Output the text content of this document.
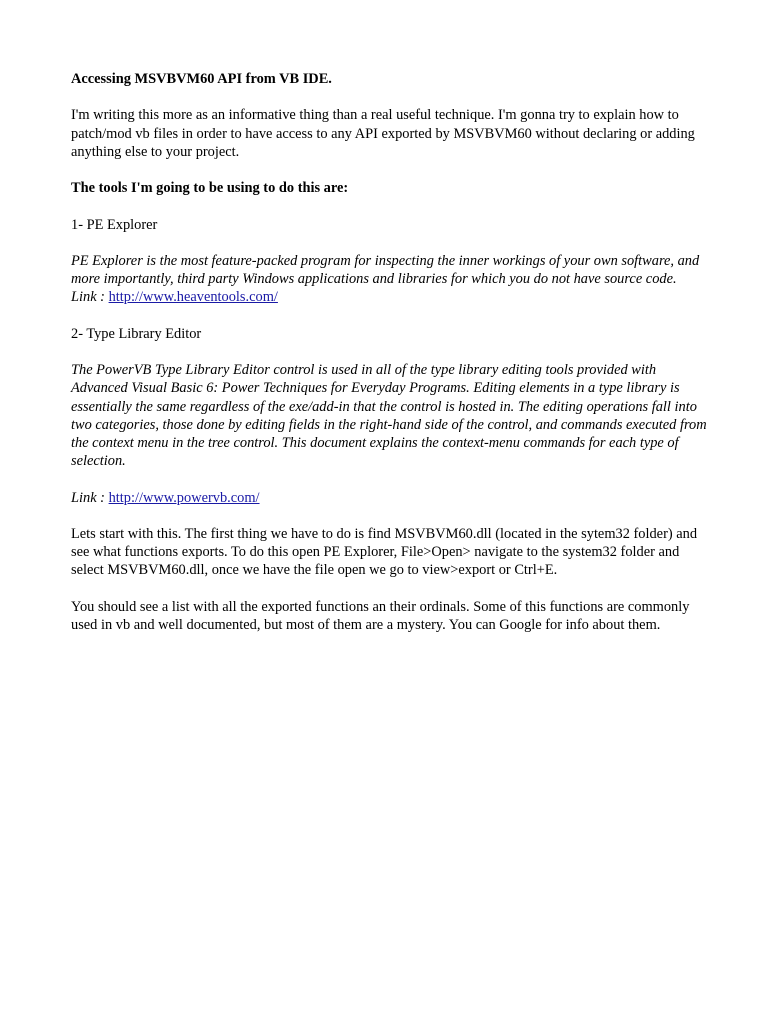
Accessing MSVBVM60 API from VB IDE.

I'm writing this more as an informative thing than a real useful technique. I'm gonna try to explain how to patch/mod vb files in order to have access to any API exported by MSVBVM60 without declaring or adding anything else to your project.

The tools I'm going to be using to do this are:

1- PE Explorer

PE Explorer is the most feature-packed program for inspecting the inner workings of your own software, and more importantly, third party Windows applications and libraries for which you do not have source code.
Link : http://www.heaventools.com/

2- Type Library Editor

The PowerVB Type Library Editor control is used in all of the type library editing tools provided with Advanced Visual Basic 6: Power Techniques for Everyday Programs. Editing elements in a type library is essentially the same regardless of the exe/add-in that the control is hosted in. The editing operations fall into two categories, those done by editing fields in the right-hand side of the control, and commands executed from the context menu in the tree control. This document explains the context-menu commands for each type of selection.

Link : http://www.powervb.com/

Lets start with this. The first thing we have to do is find MSVBVM60.dll (located in the sytem32 folder) and see what functions exports. To do this open PE Explorer, File>Open> navigate to the system32 folder and select MSVBVM60.dll, once we have the file open we go to view>export or Ctrl+E.

You should see a list with all the exported functions an their ordinals. Some of this functions are commonly used in vb and well documented, but most of them are a mystery. You can Google for info about them.
